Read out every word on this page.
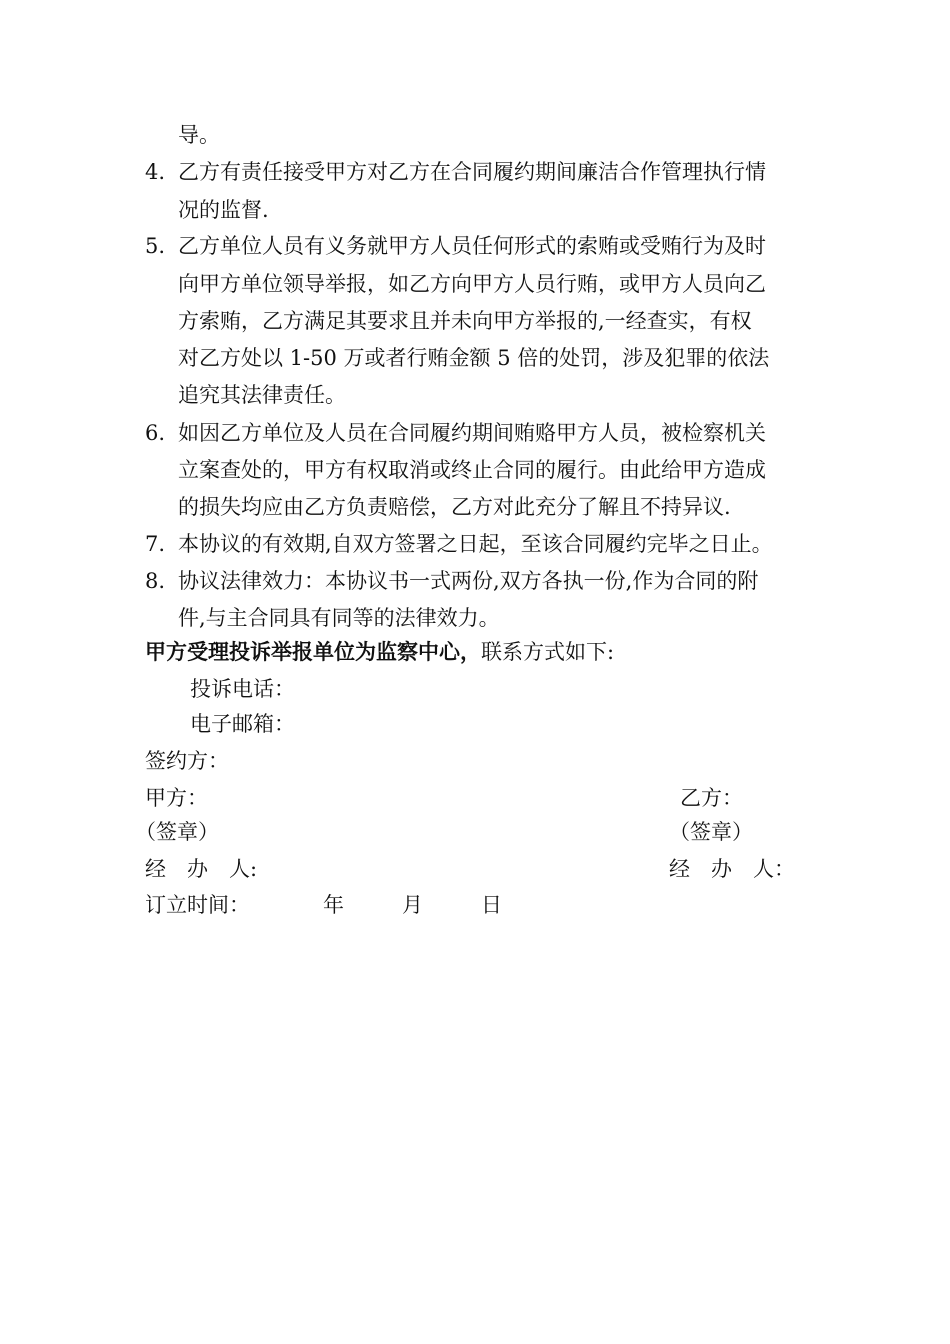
导。
4. 乙方有责任接受甲方对乙方在合同履约期间廉洁合作管理执行情
况的监督.
5. 乙方单位人员有义务就甲方人员任何形式的索贿或受贿行为及时
向甲方单位领导举报，如乙方向甲方人员行贿，或甲方人员向乙
方索贿，乙方满足其要求且并未向甲方举报的,一经查实，有权
对乙方处以 1-50 万或者行贿金额 5 倍的处罚，涉及犯罪的依法
追究其法律责任。
6. 如因乙方单位及人员在合同履约期间贿赂甲方人员，被检察机关
立案查处的，甲方有权取消或终止合同的履行。由此给甲方造成
的损失均应由乙方负责赔偿，乙方对此充分了解且不持异议.
7. 本协议的有效期,自双方签署之日起，至该合同履约完毕之日止。
8. 协议法律效力：本协议书一式两份,双方各执一份,作为合同的附
件,与主合同具有同等的法律效力。
甲方受理投诉举报单位为监察中心，联系方式如下:
投诉电话：
电子邮箱：
签约方：
甲方：	乙方：
（签章）	（签章）
经　办　人:	经　办　人：
订立时间：	年	月	日
